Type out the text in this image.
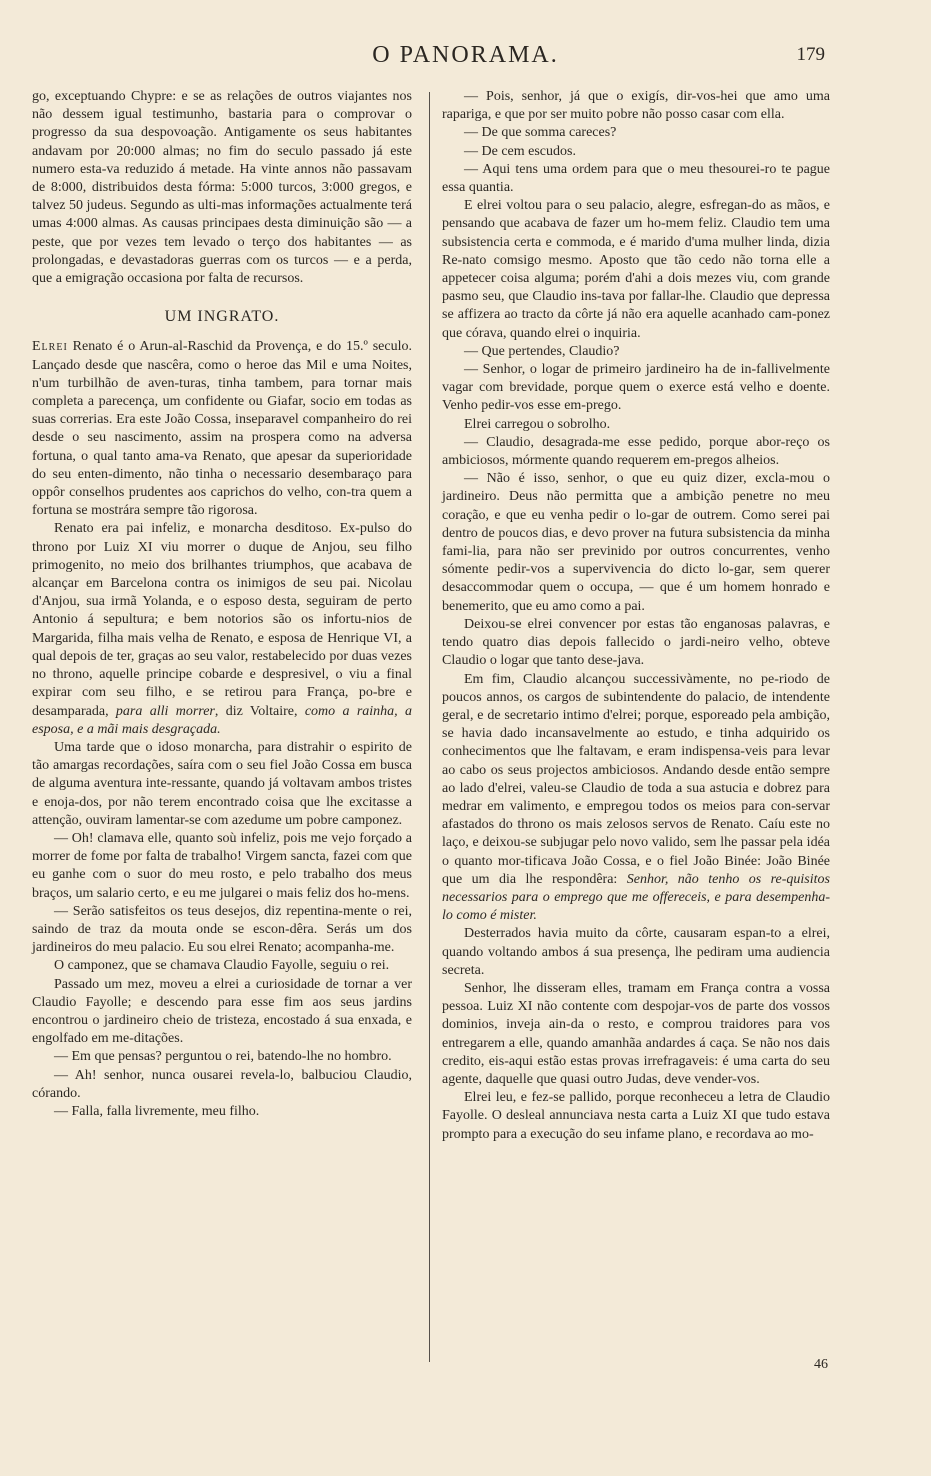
O PANORAMA.	179

go, exceptuando Chypre: e se as relações de outros viajantes nos não dessem igual testimunho, bastaria para o comprovar o progresso da sua despovoação. Antigamente os seus habitantes andavam por 20:000 almas; no fim do seculo passado já este numero esta-va reduzido á metade. Ha vinte annos não passavam de 8:000, distribuidos desta fórma: 5:000 turcos, 3:000 gregos, e talvez 50 judeus. Segundo as ulti-mas informações actualmente terá umas 4:000 almas. As causas principaes desta diminuição são — a peste, que por vezes tem levado o terço dos habitantes — as prolongadas, e devastadoras guerras com os turcos — e a perda, que a emigração occasiona por falta de recursos.

UM INGRATO.

Elrei Renato é o Arun-al-Raschid da Provença, e do 15.º seculo. Lançado desde que nascêra, como o heroe das Mil e uma Noites, n'um turbilhão de aven-turas, tinha tambem, para tornar mais completa a parecença, um confidente ou Giafar, socio em todas as suas correrias. Era este João Cossa, inseparavel companheiro do rei desde o seu nascimento, assim na prospera como na adversa fortuna, o qual tanto ama-va Renato, que apesar da superioridade do seu enten-dimento, não tinha o necessario desembaraço para oppôr conselhos prudentes aos caprichos do velho, con-tra quem a fortuna se mostrára sempre tão rigorosa.

Renato era pai infeliz, e monarcha desditoso. Ex-pulso do throno por Luiz XI viu morrer o duque de Anjou, seu filho primogenito, no meio dos brilhantes triumphos, que acabava de alcançar em Barcelona contra os inimigos de seu pai. Nicolau d'Anjou, sua irmã Yolanda, e o esposo desta, seguiram de perto Antonio á sepultura; e bem notorios são os infortu-nios de Margarida, filha mais velha de Renato, e esposa de Henrique VI, a qual depois de ter, graças ao seu valor, restabelecido por duas vezes no throno, aquelle principe cobarde e despresivel, o viu a final expirar com seu filho, e se retirou para França, po-bre e desamparada, para alli morrer, diz Voltaire, como a rainha, a esposa, e a mãi mais desgraçada.

Uma tarde que o idoso monarcha, para distrahir o espirito de tão amargas recordações, saíra com o seu fiel João Cossa em busca de alguma aventura inte-ressante, quando já voltavam ambos tristes e enoja-dos, por não terem encontrado coisa que lhe excitasse a attenção, ouviram lamentar-se com azedume um pobre camponez.

— Oh! clamava elle, quanto soù infeliz, pois me vejo forçado a morrer de fome por falta de trabalho! Virgem sancta, fazei com que eu ganhe com o suor do meu rosto, e pelo trabalho dos meus braços, um salario certo, e eu me julgarei o mais feliz dos ho-mens.

— Serão satisfeitos os teus desejos, diz repentina-mente o rei, saindo de traz da mouta onde se escon-dêra. Serás um dos jardineiros do meu palacio. Eu sou elrei Renato; acompanha-me.

O camponez, que se chamava Claudio Fayolle, seguiu o rei.

Passado um mez, moveu a elrei a curiosidade de tornar a ver Claudio Fayolle; e descendo para esse fim aos seus jardins encontrou o jardineiro cheio de tristeza, encostado á sua enxada, e engolfado em me-ditações.

— Em que pensas? perguntou o rei, batendo-lhe no hombro.

— Ah! senhor, nunca ousarei revela-lo, balbuciou Claudio, córando.

— Falla, falla livremente, meu filho.

— Pois, senhor, já que o exigís, dir-vos-hei que amo uma rapariga, e que por ser muito pobre não posso casar com ella.

— De que somma careces?

— De cem escudos.

— Aqui tens uma ordem para que o meu thesourei-ro te pague essa quantia.

E elrei voltou para o seu palacio, alegre, esfregan-do as mãos, e pensando que acabava de fazer um ho-mem feliz. Claudio tem uma subsistencia certa e commoda, e é marido d'uma mulher linda, dizia Re-nato comsigo mesmo. Aposto que tão cedo não torna elle a appetecer coisa alguma; porém d'ahi a dois mezes viu, com grande pasmo seu, que Claudio ins-tava por fallar-lhe. Claudio que depressa se affizera ao tracto da côrte já não era aquelle acanhado cam-ponez que córava, quando elrei o inquiria.

— Que pertendes, Claudio?

— Senhor, o logar de primeiro jardineiro ha de in-fallivelmente vagar com brevidade, porque quem o exerce está velho e doente. Venho pedir-vos esse em-prego.

Elrei carregou o sobrolho.

— Claudio, desagrada-me esse pedido, porque abor-reço os ambiciosos, mórmente quando requerem em-pregos alheios.

— Não é isso, senhor, o que eu quiz dizer, excla-mou o jardineiro. Deus não permitta que a ambição penetre no meu coração, e que eu venha pedir o lo-gar de outrem. Como serei pai dentro de poucos dias, e devo prover na futura subsistencia da minha fami-lia, para não ser previnido por outros concurrentes, venho sómente pedir-vos a supervivencia do dicto lo-gar, sem querer desaccommodar quem o occupa, — que é um homem honrado e benemerito, que eu amo como a pai.

Deixou-se elrei convencer por estas tão enganosas palavras, e tendo quatro dias depois fallecido o jardi-neiro velho, obteve Claudio o logar que tanto dese-java.

Em fim, Claudio alcançou successivàmente, no pe-riodo de poucos annos, os cargos de subintendente do palacio, de intendente geral, e de secretario intimo d'elrei; porque, esporeado pela ambição, se havia dado incansavelmente ao estudo, e tinha adquirido os conhecimentos que lhe faltavam, e eram indispensa-veis para levar ao cabo os seus projectos ambiciosos. Andando desde então sempre ao lado d'elrei, valeu-se Claudio de toda a sua astucia e dobrez para medrar em valimento, e empregou todos os meios para con-servar afastados do throno os mais zelosos servos de Renato. Caíu este no laço, e deixou-se subjugar pelo novo valido, sem lhe passar pela idéa o quanto mor-tificava João Cossa, e o fiel João Binée: João Binée que um dia lhe respondêra: Senhor, não tenho os re-quisitos necessarios para o emprego que me offereceis, e para desempenha-lo como é mister.

Desterrados havia muito da côrte, causaram espan-to a elrei, quando voltando ambos á sua presença, lhe pediram uma audiencia secreta.

Senhor, lhe disseram elles, tramam em França contra a vossa pessoa. Luiz XI não contente com despojar-vos de parte dos vossos dominios, inveja ain-da o resto, e comprou traidores para vos entregarem a elle, quando amanhãa andardes á caça. Se não nos dais credito, eis-aqui estão estas provas irrefragaveis: é uma carta do seu agente, daquelle que quasi outro Judas, deve vender-vos.

Elrei leu, e fez-se pallido, porque reconheceu a letra de Claudio Fayolle. O desleal annunciava nesta carta a Luiz XI que tudo estava prompto para a execução do seu infame plano, e recordava ao mo-

46
